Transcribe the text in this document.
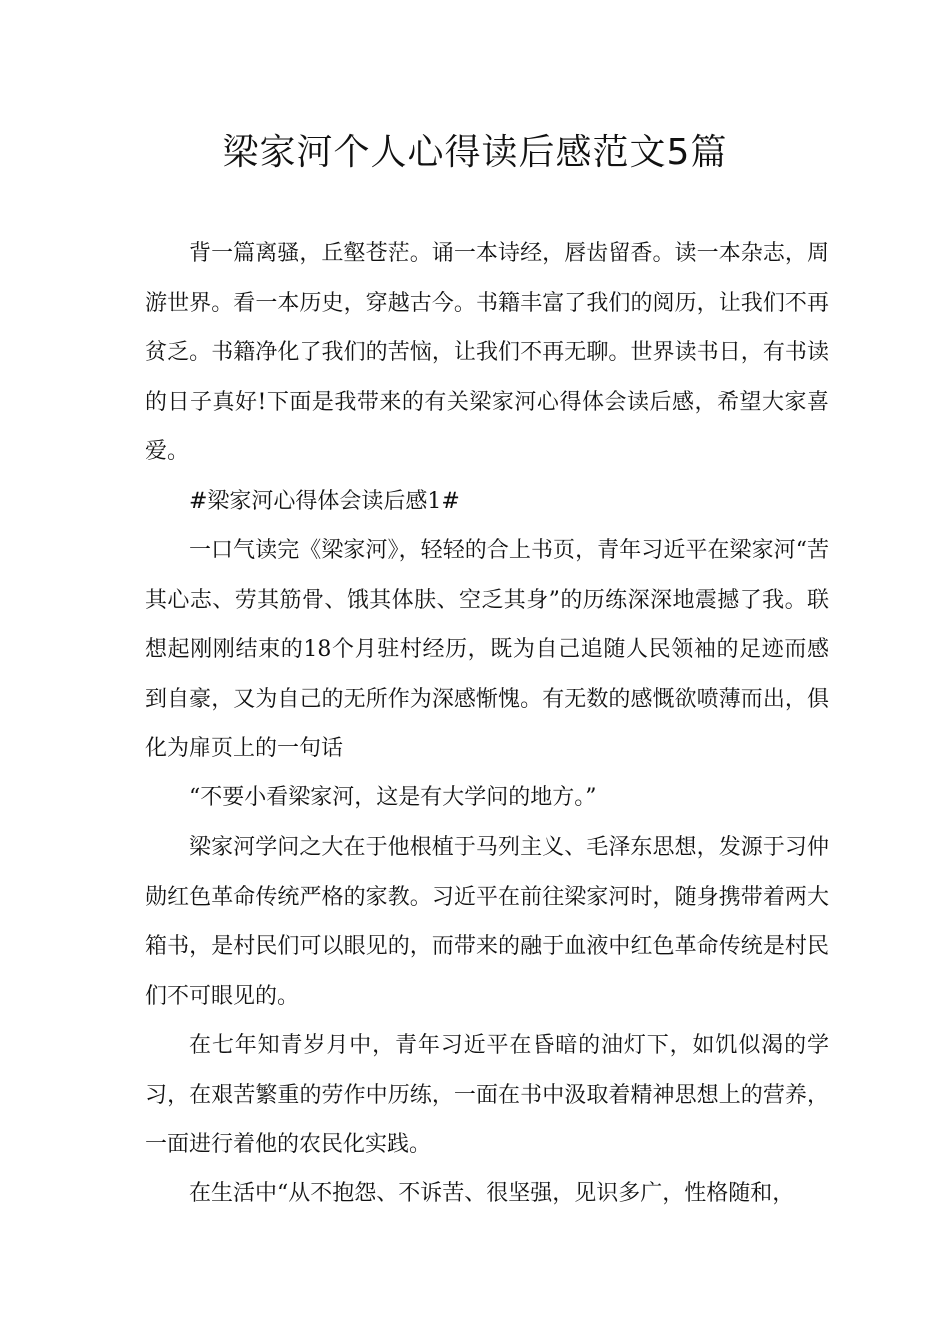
梁家河个人心得读后感范文5篇

背一篇离骚，丘壑苍茫。诵一本诗经，唇齿留香。读一本杂志，周游世界。看一本历史，穿越古今。书籍丰富了我们的阅历，让我们不再贫乏。书籍净化了我们的苦恼，让我们不再无聊。世界读书日，有书读的日子真好!下面是我带来的有关梁家河心得体会读后感，希望大家喜爱。

#梁家河心得体会读后感1#

一口气读完《梁家河》，轻轻的合上书页，青年习近平在梁家河“苦其心志、劳其筋骨、饿其体肤、空乏其身”的历练深深地震撼了我。联想起刚刚结束的18个月驻村经历，既为自己追随人民领袖的足迹而感到自豪，又为自己的无所作为深感惭愧。有无数的感慨欲喷薄而出，俱化为扉页上的一句话

“不要小看梁家河，这是有大学问的地方。”

梁家河学问之大在于他根植于马列主义、毛泽东思想，发源于习仲勋红色革命传统严格的家教。习近平在前往梁家河时，随身携带着两大箱书，是村民们可以眼见的，而带来的融于血液中红色革命传统是村民们不可眼见的。

在七年知青岁月中，青年习近平在昏暗的油灯下，如饥似渴的学习，在艰苦繁重的劳作中历练，一面在书中汲取着精神思想上的营养，一面进行着他的农民化实践。

在生活中“从不抱怨、不诉苦、很坚强，见识多广，性格随和，
